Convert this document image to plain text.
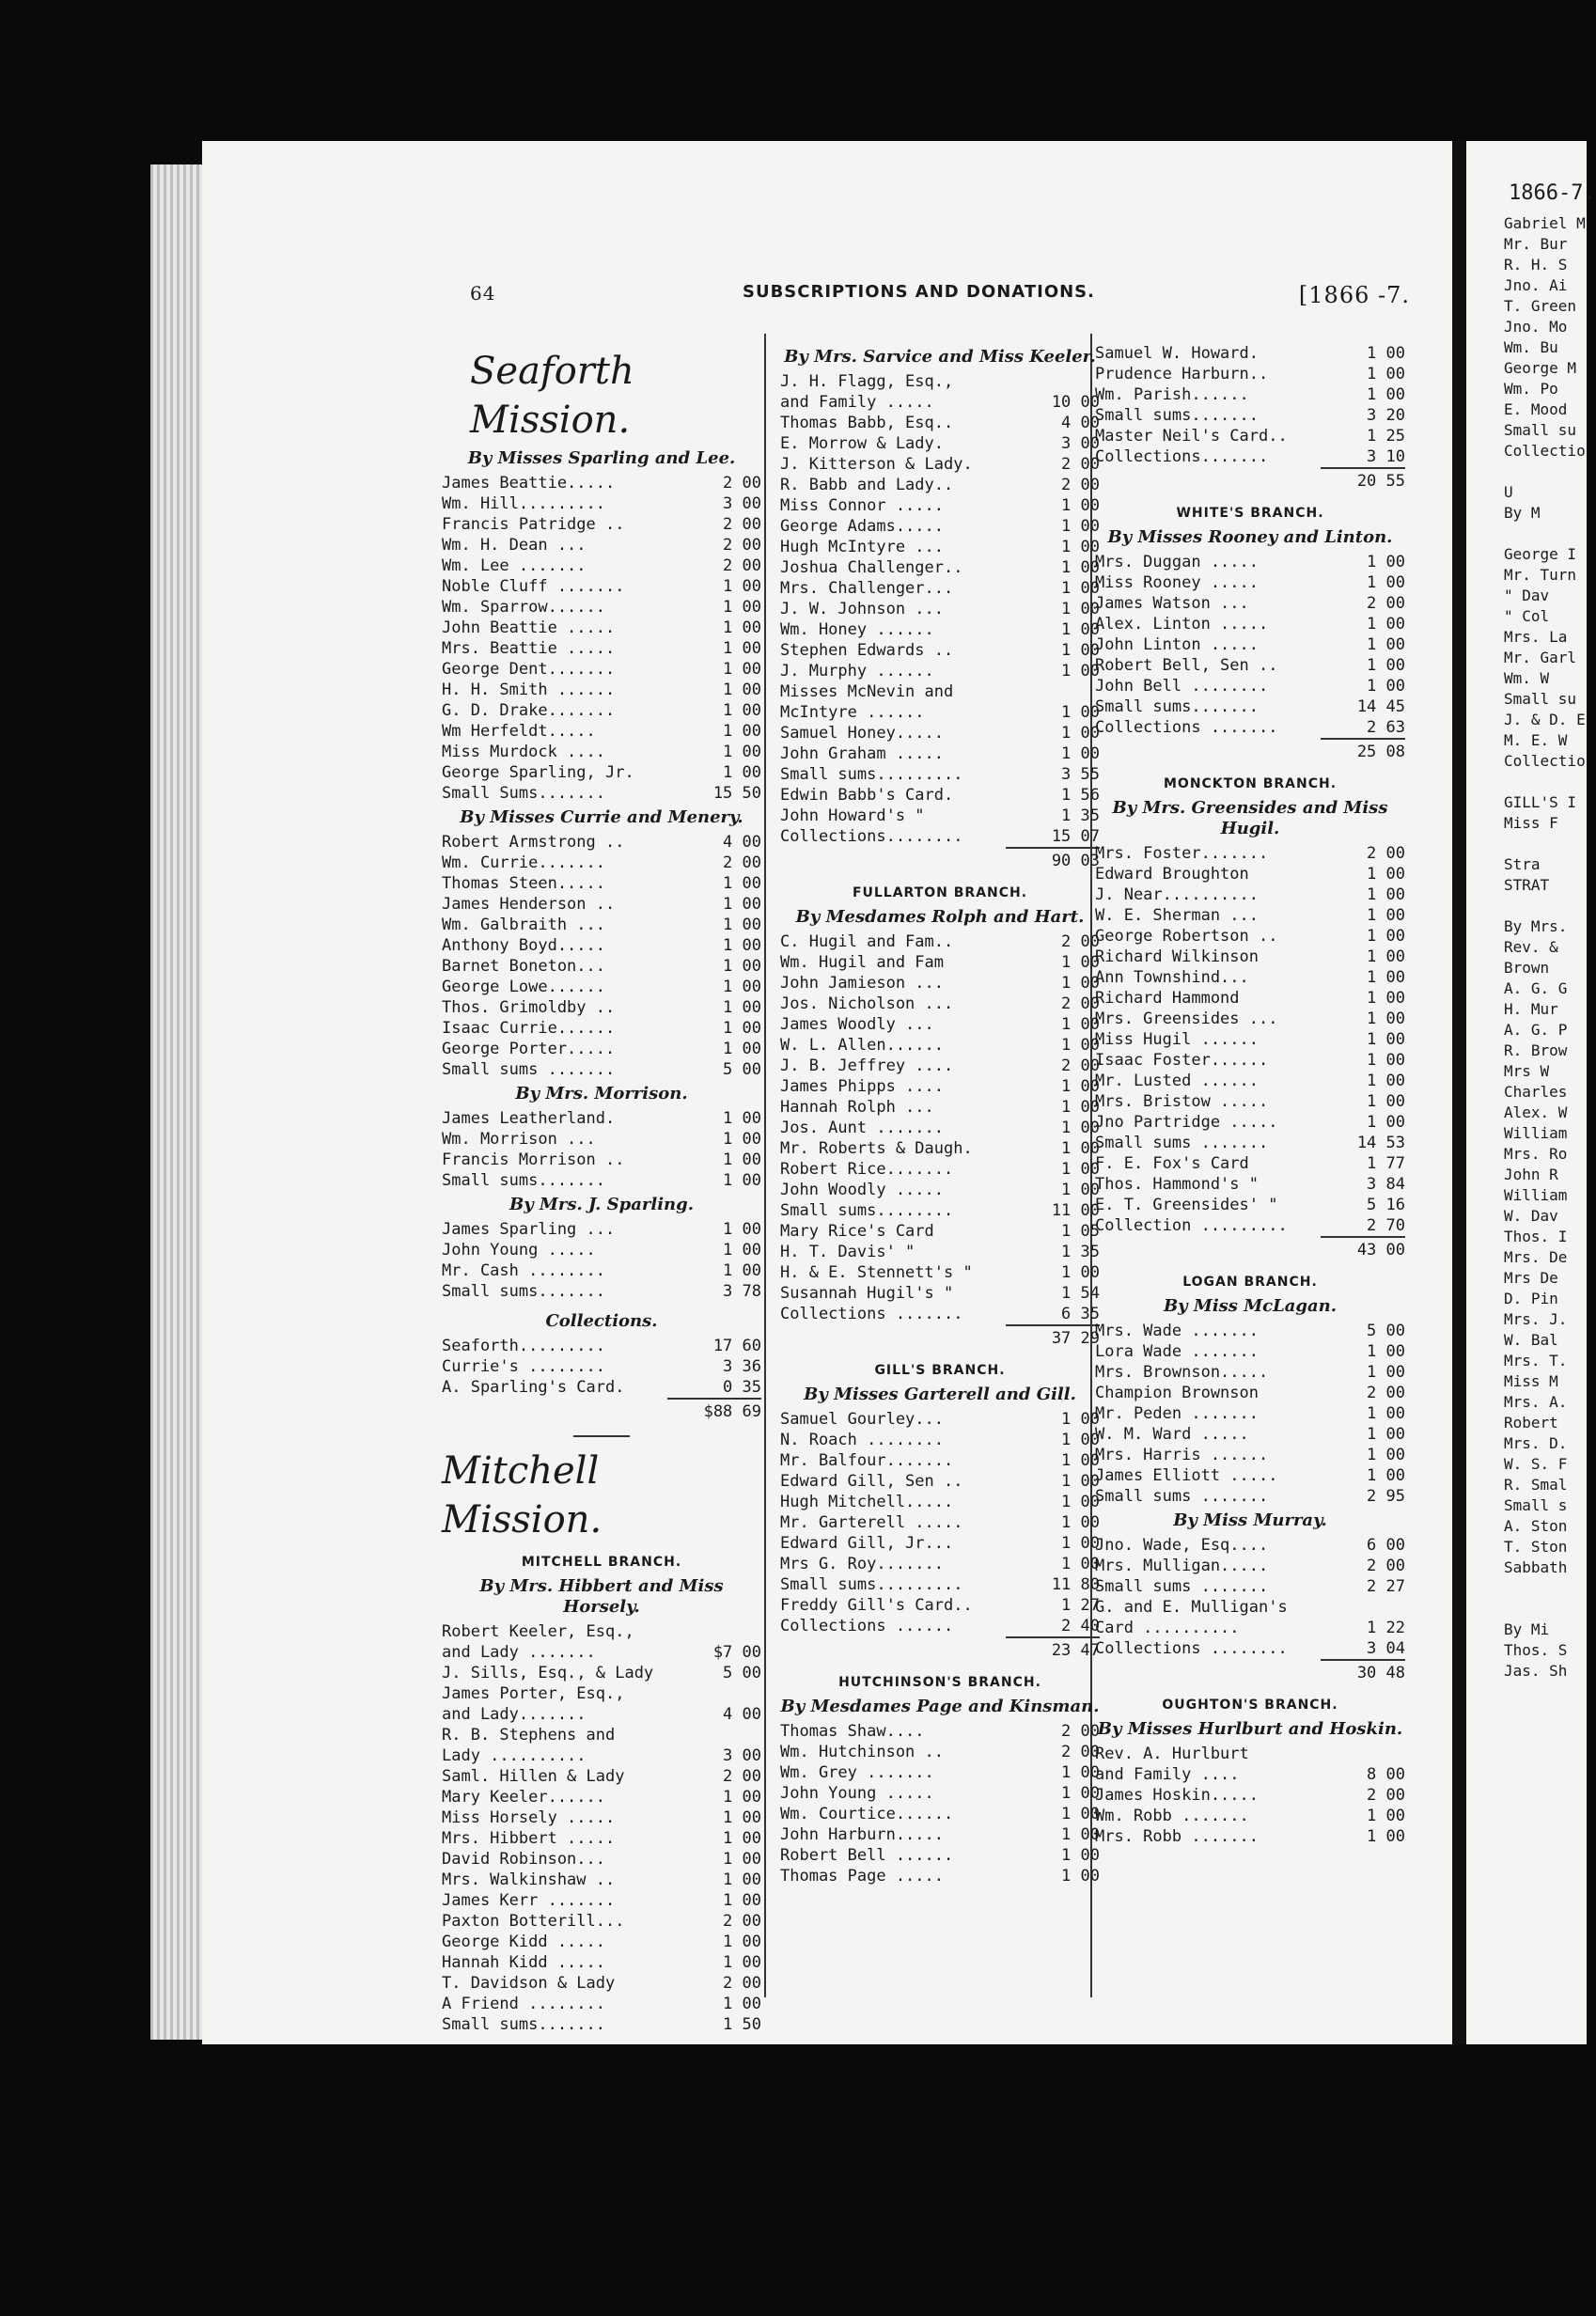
1866-7.
Gabriel M
Mr. Bur
R. H. S
Jno. Ai
T. Green
Jno. Mo
Wm. Bu
George M
Wm. Po
E. Mood
Small su
Collectio

U
By M

George I
Mr. Turn
" Dav
" Col
Mrs. La
Mr. Garl
Wm. W
Small su
J. & D. E
M. E. W
Collectio

GILL'S I
Miss F

Stra
STRAT

By Mrs.
Rev. &
Brown
A. G. G
H. Mur
A. G. P
R. Brow
Mrs W
Charles
Alex. W
William
Mrs. Ro
John R
William
W. Dav
Thos. I
Mrs. De
Mrs De
D. Pin
Mrs. J.
W. Bal
Mrs. T.
Miss M
Mrs. A.
Robert
Mrs. D.
W. S. F
R. Smal
Small s
A. Ston
T. Ston
Sabbath

By Mi
Thos. S
Jas. Sh
64	SUBSCRIPTIONS AND DONATIONS.	[1866 -7.
Seaforth Mission.
By Misses Sparling and Lee.
James Beattie.....	2 00
Wm. Hill.........	3 00
Francis Patridge ..	2 00
Wm. H. Dean ...	2 00
Wm. Lee .......	2 00
Noble Cluff .......	1 00
Wm. Sparrow......	1 00
John Beattie .....	1 00
Mrs. Beattie .....	1 00
George Dent.......	1 00
H. H. Smith ......	1 00
G. D. Drake.......	1 00
Wm Herfeldt.....	1 00
Miss Murdock ....	1 00
George Sparling, Jr.	1 00
Small Sums.......	15 50
By Misses Currie and Menery.
Robert Armstrong ..	4 00
Wm. Currie.......	2 00
Thomas Steen.....	1 00
James Henderson ..	1 00
Wm. Galbraith ...	1 00
Anthony Boyd.....	1 00
Barnet Boneton...	1 00
George Lowe......	1 00
Thos. Grimoldby ..	1 00
Isaac Currie......	1 00
George Porter.....	1 00
Small sums .......	5 00
By Mrs. Morrison.
James Leatherland.	1 00
Wm. Morrison ...	1 00
Francis Morrison ..	1 00
Small sums.......	1 00
By Mrs. J. Sparling.
James Sparling ...	1 00
John Young .....	1 00
Mr. Cash ........	1 00
Small sums.......	3 78
Collections.
Seaforth.........	17 60
Currie's ........	3 36
A. Sparling's Card.	0 35
$88 69
Mitchell Mission.
MITCHELL BRANCH.
By Mrs. Hibbert and Miss Horsely.
Robert Keeler, Esq.,
and Lady .......	$7 00
J. Sills, Esq., & Lady	5 00
James Porter, Esq.,
and Lady.......	4 00
R. B. Stephens and
Lady ..........	3 00
Saml. Hillen & Lady	2 00
Mary Keeler......	1 00
Miss Horsely .....	1 00
Mrs. Hibbert .....	1 00
David Robinson...	1 00
Mrs. Walkinshaw ..	1 00
James Kerr .......	1 00
Paxton Botterill...	2 00
George Kidd .....	1 00
Hannah Kidd .....	1 00
T. Davidson & Lady	2 00
A Friend ........	1 00
Small sums.......	1 50
By Mrs. Sarvice and Miss Keeler.
J. H. Flagg, Esq.,
and Family .....	10 00
Thomas Babb, Esq..	4 00
E. Morrow & Lady.	3 00
J. Kitterson & Lady.	2 00
R. Babb and Lady..	2 00
Miss Connor .....	1 00
George Adams.....	1 00
Hugh McIntyre ...	1 00
Joshua Challenger..	1 00
Mrs. Challenger...	1 00
J. W. Johnson ...	1 00
Wm. Honey ......	1 00
Stephen Edwards ..	1 00
J. Murphy ......	1 00
Misses McNevin and
McIntyre ......	1 00
Samuel Honey.....	1 00
John Graham .....	1 00
Small sums.........	3 55
Edwin Babb's Card.	1 56
John Howard's "	1 35
Collections........	15 07
90 03
FULLARTON BRANCH.
By Mesdames Rolph and Hart.
C. Hugil and Fam..	2 00
Wm. Hugil and Fam	1 00
John Jamieson ...	1 00
Jos. Nicholson ...	2 00
James Woodly ...	1 00
W. L. Allen......	1 00
J. B. Jeffrey ....	2 00
James Phipps ....	1 00
Hannah Rolph ...	1 00
Jos. Aunt .......	1 00
Mr. Roberts & Daugh.	1 00
Robert Rice.......	1 00
John Woodly .....	1 00
Small sums........	11 00
Mary Rice's Card	1 05
H. T. Davis' "	1 35
H. & E. Stennett's "	1 00
Susannah Hugil's "	1 54
Collections .......	6 35
37 29
GILL'S BRANCH.
By Misses Garterell and Gill.
Samuel Gourley...	1 00
N. Roach ........	1 00
Mr. Balfour.......	1 00
Edward Gill, Sen ..	1 00
Hugh Mitchell.....	1 00
Mr. Garterell .....	1 00
Edward Gill, Jr...	1 00
Mrs G. Roy.......	1 00
Small sums.........	11 80
Freddy Gill's Card..	1 27
Collections ......	2 40
23 47
HUTCHINSON'S BRANCH.
By Mesdames Page and Kinsman.
Thomas Shaw....	2 00
Wm. Hutchinson ..	2 00
Wm. Grey .......	1 00
John Young .....	1 00
Wm. Courtice......	1 00
John Harburn.....	1 00
Robert Bell ......	1 00
Thomas Page .....	1 00
Samuel W. Howard.	1 00
Prudence Harburn..	1 00
Wm. Parish......	1 00
Small sums.......	3 20
Master Neil's Card..	1 25
Collections.......	3 10
20 55
WHITE'S BRANCH.
By Misses Rooney and Linton.
Mrs. Duggan .....	1 00
Miss Rooney .....	1 00
James Watson ...	2 00
Alex. Linton .....	1 00
John Linton .....	1 00
Robert Bell, Sen ..	1 00
John Bell ........	1 00
Small sums.......	14 45
Collections .......	2 63
25 08
MONCKTON BRANCH.
By Mrs. Greensides and Miss Hugil.
Mrs. Foster.......	2 00
Edward Broughton	1 00
J. Near..........	1 00
W. E. Sherman ...	1 00
George Robertson ..	1 00
Richard Wilkinson	1 00
Ann Townshind...	1 00
Richard Hammond	1 00
Mrs. Greensides ...	1 00
Miss Hugil ......	1 00
Isaac Foster......	1 00
Mr. Lusted ......	1 00
Mrs. Bristow .....	1 00
Jno Partridge .....	1 00
Small sums .......	14 53
F. E. Fox's Card	1 77
Thos. Hammond's "	3 84
E. T. Greensides' "	5 16
Collection .........	2 70
43 00
LOGAN BRANCH.
By Miss McLagan.
Mrs. Wade .......	5 00
Lora Wade .......	1 00
Mrs. Brownson.....	1 00
Champion Brownson	2 00
Mr. Peden .......	1 00
W. M. Ward .....	1 00
Mrs. Harris ......	1 00
James Elliott .....	1 00
Small sums .......	2 95
By Miss Murray.
Jno. Wade, Esq....	6 00
Mrs. Mulligan.....	2 00
Small sums .......	2 27
G. and E. Mulligan's
Card ..........	1 22
Collections ........	3 04
30 48
OUGHTON'S BRANCH.
By Misses Hurlburt and Hoskin.
Rev. A. Hurlburt
and Family ....	8 00
James Hoskin.....	2 00
Wm. Robb .......	1 00
Mrs. Robb .......	1 00
